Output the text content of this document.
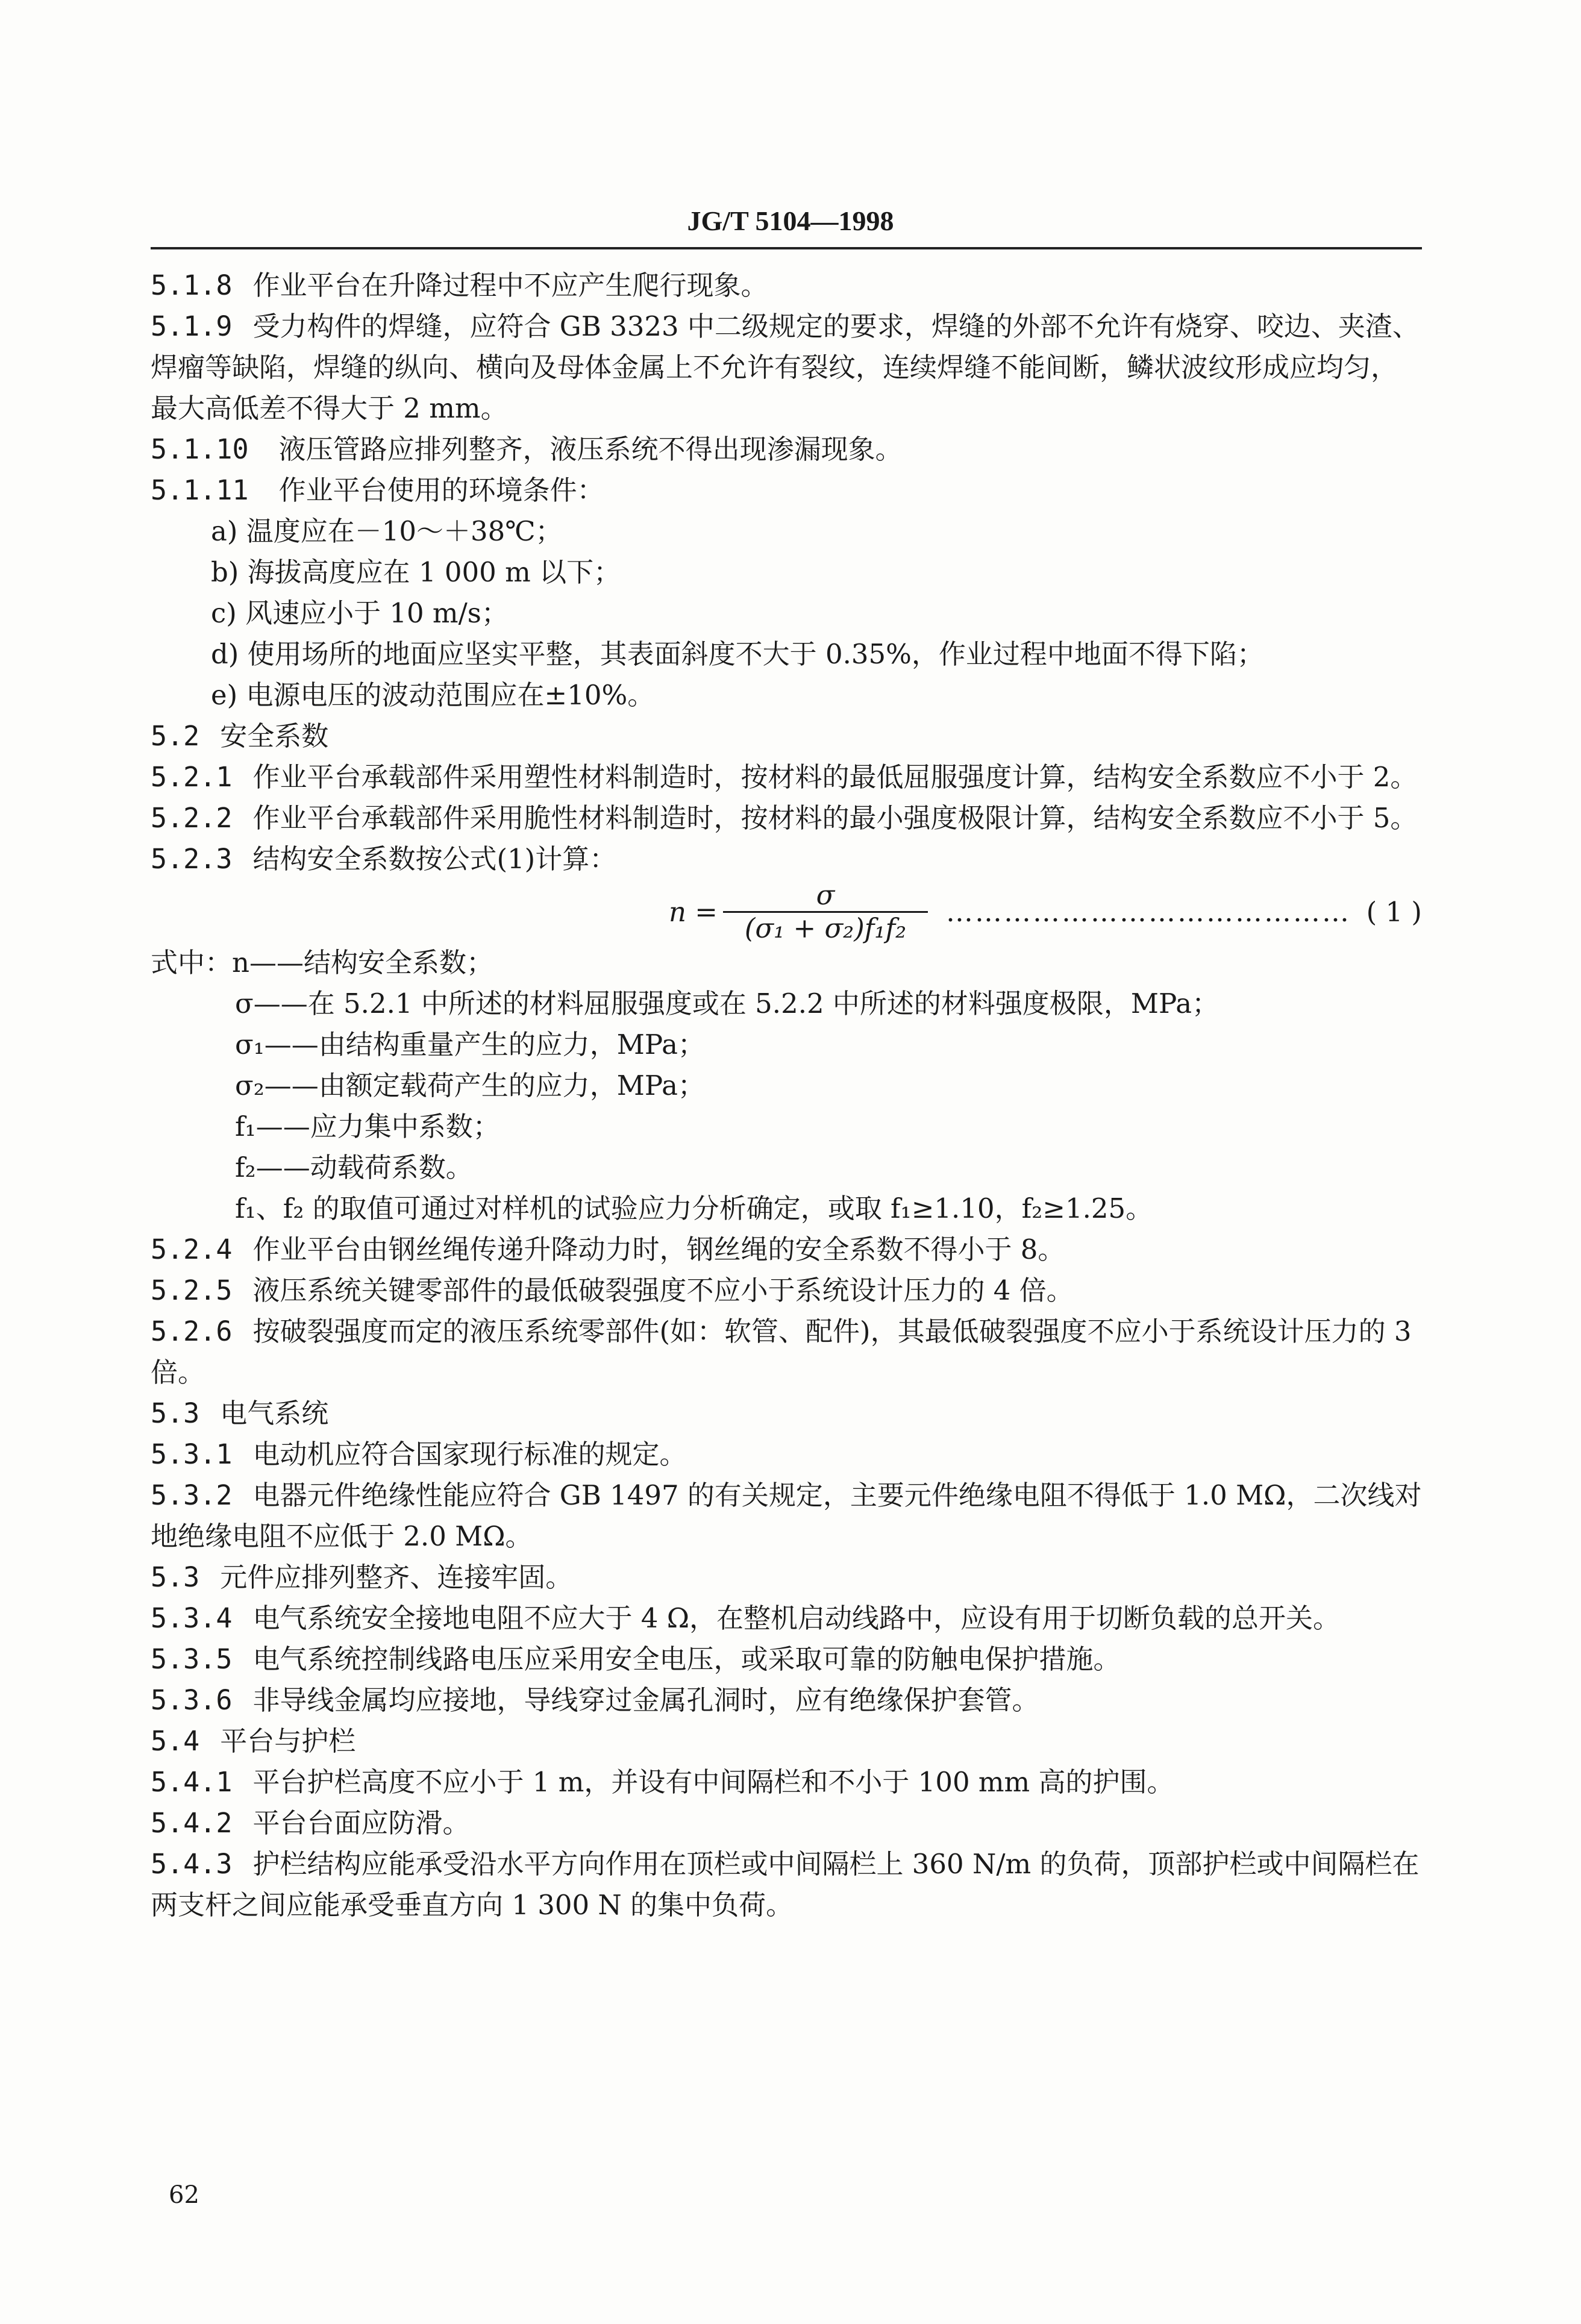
JG/T 5104—1998

5.1.8 作业平台在升降过程中不应产生爬行现象。

5.1.9 受力构件的焊缝，应符合 GB 3323 中二级规定的要求，焊缝的外部不允许有烧穿、咬边、夹渣、焊瘤等缺陷，焊缝的纵向、横向及母体金属上不允许有裂纹，连续焊缝不能间断，鳞状波纹形成应均匀，最大高低差不得大于 2 mm。

5.1.10 液压管路应排列整齐，液压系统不得出现渗漏现象。

5.1.11 作业平台使用的环境条件：

a) 温度应在－10～＋38℃；

b) 海拔高度应在 1 000 m 以下；

c) 风速应小于 10 m/s；

d) 使用场所的地面应坚实平整，其表面斜度不大于 0.35%，作业过程中地面不得下陷；

e) 电源电压的波动范围应在±10%。

5.2 安全系数

5.2.1 作业平台承载部件采用塑性材料制造时，按材料的最低屈服强度计算，结构安全系数应不小于 2。

5.2.2 作业平台承载部件采用脆性材料制造时，按材料的最小强度极限计算，结构安全系数应不小于 5。

5.2.3 结构安全系数按公式(1)计算：

n =
σ
(σ₁ + σ₂)f₁f₂
…………………………………… ( 1 )

式中：n——结构安全系数；

σ——在 5.2.1 中所述的材料屈服强度或在 5.2.2 中所述的材料强度极限，MPa；

σ₁——由结构重量产生的应力，MPa；

σ₂——由额定载荷产生的应力，MPa；

f₁——应力集中系数；

f₂——动载荷系数。

f₁、f₂ 的取值可通过对样机的试验应力分析确定，或取 f₁≥1.10，f₂≥1.25。

5.2.4 作业平台由钢丝绳传递升降动力时，钢丝绳的安全系数不得小于 8。

5.2.5 液压系统关键零部件的最低破裂强度不应小于系统设计压力的 4 倍。

5.2.6 按破裂强度而定的液压系统零部件(如：软管、配件)，其最低破裂强度不应小于系统设计压力的 3 倍。

5.3 电气系统

5.3.1 电动机应符合国家现行标准的规定。

5.3.2 电器元件绝缘性能应符合 GB 1497 的有关规定，主要元件绝缘电阻不得低于 1.0 MΩ，二次线对地绝缘电阻不应低于 2.0 MΩ。

5.3 元件应排列整齐、连接牢固。

5.3.4 电气系统安全接地电阻不应大于 4 Ω，在整机启动线路中，应设有用于切断负载的总开关。

5.3.5 电气系统控制线路电压应采用安全电压，或采取可靠的防触电保护措施。

5.3.6 非导线金属均应接地，导线穿过金属孔洞时，应有绝缘保护套管。

5.4 平台与护栏

5.4.1 平台护栏高度不应小于 1 m，并设有中间隔栏和不小于 100 mm 高的护围。

5.4.2 平台台面应防滑。

5.4.3 护栏结构应能承受沿水平方向作用在顶栏或中间隔栏上 360 N/m 的负荷，顶部护栏或中间隔栏在两支杆之间应能承受垂直方向 1 300 N 的集中负荷。

62
